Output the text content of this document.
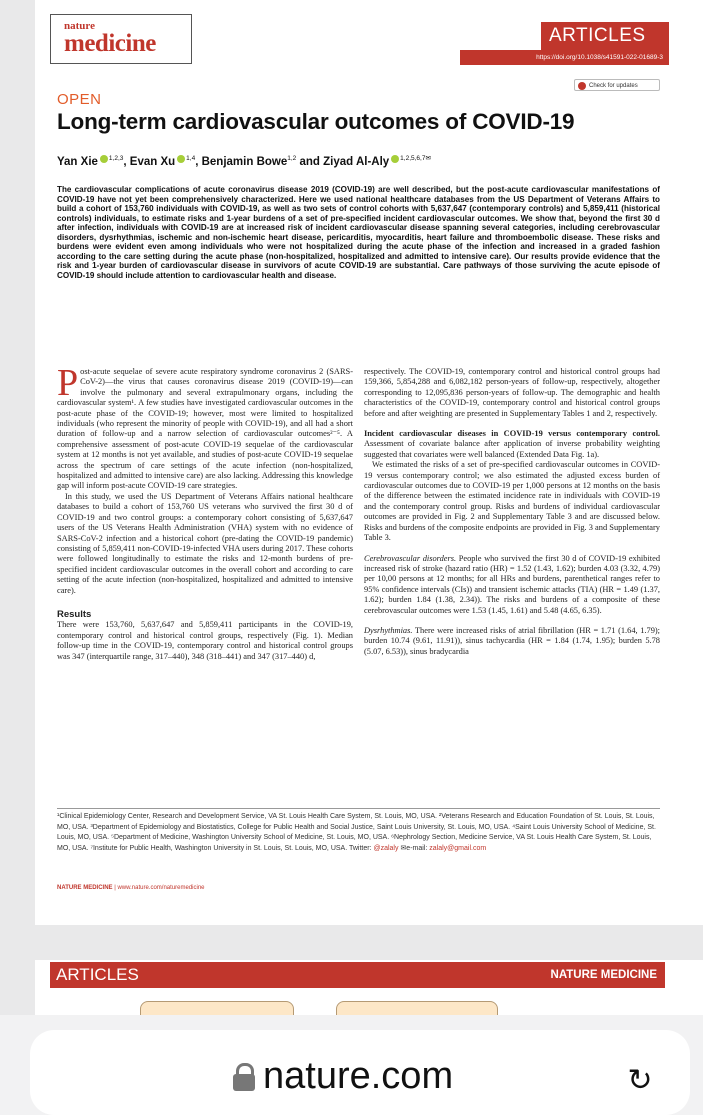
nature
medicine	ARTICLES
https://doi.org/10.1038/s41591-022-01689-3
Check for updates
OPEN
Long-term cardiovascular outcomes of COVID-19
Yan Xie $^{1,2,3}$, Evan Xu $^{1,4}$, Benjamin Bowe$^{1,2}$ and Ziyad Al-Aly $^{1,2,5,6,7✉}$
The cardiovascular complications of acute coronavirus disease 2019 (COVID-19) are well described, but the post-acute cardiovascular manifestations of COVID-19 have not yet been comprehensively characterized. Here we used national healthcare databases from the US Department of Veterans Affairs to build a cohort of 153,760 individuals with COVID-19, as well as two sets of control cohorts with 5,637,647 (contemporary controls) and 5,859,411 (historical controls) individuals, to estimate risks and 1-year burdens of a set of pre-specified incident cardiovascular outcomes. We show that, beyond the first 30 d after infection, individuals with COVID-19 are at increased risk of incident cardiovascular disease spanning several categories, including cerebrovascular disorders, dysrhythmias, ischemic and non-ischemic heart disease, pericarditis, myocarditis, heart failure and thromboembolic disease. These risks and burdens were evident even among individuals who were not hospitalized during the acute phase of the infection and increased in a graded fashion according to the care setting during the acute phase (non-hospitalized, hospitalized and admitted to intensive care). Our results provide evidence that the risk and 1-year burden of cardiovascular disease in survivors of acute COVID-19 are substantial. Care pathways of those surviving the acute episode of COVID-19 should include attention to cardiovascular health and disease.

Post-acute sequelae of severe acute respiratory syndrome coronavirus 2 (SARS-CoV-2)—the virus that causes coronavirus disease 2019 (COVID-19)—can involve the pulmonary and several extrapulmonary organs, including the cardiovascular system¹. A few studies have investigated cardiovascular outcomes in the post-acute phase of the COVID-19; however, most were limited to hospitalized individuals (who represent the minority of people with COVID-19), and all had a short duration of follow-up and a narrow selection of cardiovascular outcomes²⁻⁵. A comprehensive assessment of post-acute COVID-19 sequelae of the cardiovascular system at 12 months is not yet available, and studies of post-acute COVID-19 sequelae across the spectrum of care settings of the acute infection (non-hospitalized, hospitalized and admitted to intensive care) are also lacking. Addressing this knowledge gap will inform post-acute COVID-19 care strategies.

In this study, we used the US Department of Veterans Affairs national healthcare databases to build a cohort of 153,760 US veterans who survived the first 30 d of COVID-19 and two control groups: a contemporary cohort consisting of 5,637,647 users of the US Veterans Health Administration (VHA) system with no evidence of SARS-CoV-2 infection and a historical cohort (pre-dating the COVID-19 pandemic) consisting of 5,859,411 non-COVID-19-infected VHA users during 2017. These cohorts were followed longitudinally to estimate the risks and 12-month burdens of pre-specified incident cardiovascular outcomes in the overall cohort and according to care setting of the acute infection (non-hospitalized, hospitalized and admitted to intensive care).

Results

There were 153,760, 5,637,647 and 5,859,411 participants in the COVID-19, contemporary control and historical control groups, respectively (Fig. 1). Median follow-up time in the COVID-19, contemporary control and historical control groups was 347 (interquartile range, 317–440), 348 (318–441) and 347 (317–440) d,

respectively. The COVID-19, contemporary control and historical control groups had 159,366, 5,854,288 and 6,082,182 person-years of follow-up, respectively, altogether corresponding to 12,095,836 person-years of follow-up. The demographic and health characteristics of the COVID-19, contemporary control and historical control groups before and after weighting are presented in Supplementary Tables 1 and 2, respectively.

Incident cardiovascular diseases in COVID-19 versus contemporary control. Assessment of covariate balance after application of inverse probability weighting suggested that covariates were well balanced (Extended Data Fig. 1a).

We estimated the risks of a set of pre-specified cardiovascular outcomes in COVID-19 versus contemporary control; we also estimated the adjusted excess burden of cardiovascular outcomes due to COVID-19 per 1,000 persons at 12 months on the basis of the difference between the estimated incidence rate in individuals with COVID-19 and the contemporary control group. Risks and burdens of individual cardiovascular outcomes are provided in Fig. 2 and Supplementary Table 3 and are discussed below. Risks and burdens of the composite endpoints are provided in Fig. 3 and Supplementary Table 3.

Cerebrovascular disorders. People who survived the first 30 d of COVID-19 exhibited increased risk of stroke (hazard ratio (HR) = 1.52 (1.43, 1.62); burden 4.03 (3.32, 4.79) per 10,00 persons at 12 months; for all HRs and burdens, parenthetical ranges refer to 95% confidence intervals (CIs)) and transient ischemic attacks (TIA) (HR = 1.49 (1.37, 1.62); burden 1.84 (1.38, 2.34)). The risks and burdens of a composite of these cerebrovascular outcomes were 1.53 (1.45, 1.61) and 5.48 (4.65, 6.35).

Dysrhythmias. There were increased risks of atrial fibrillation (HR = 1.71 (1.64, 1.79); burden 10.74 (9.61, 11.91)), sinus tachycardia (HR = 1.84 (1.74, 1.95); burden 5.78 (5.07, 6.53)), sinus bradycardia

¹Clinical Epidemiology Center, Research and Development Service, VA St. Louis Health Care System, St. Louis, MO, USA. ²Veterans Research and Education Foundation of St. Louis, St. Louis, MO, USA. ³Department of Epidemiology and Biostatistics, College for Public Health and Social Justice, Saint Louis University, St. Louis, MO, USA. ⁴Saint Louis University School of Medicine, St. Louis, MO, USA. ⁵Department of Medicine, Washington University School of Medicine, St. Louis, MO, USA. ⁶Nephrology Section, Medicine Service, VA St. Louis Health Care System, St. Louis, MO, USA. ⁷Institute for Public Health, Washington University in St. Louis, St. Louis, MO, USA. Twitter: @zalaly ✉e-mail: zalaly@gmail.com
NATURE MEDICINE | www.nature.com/naturemedicine
ARTICLES	NATURE MEDICINE
nature.com	↻
